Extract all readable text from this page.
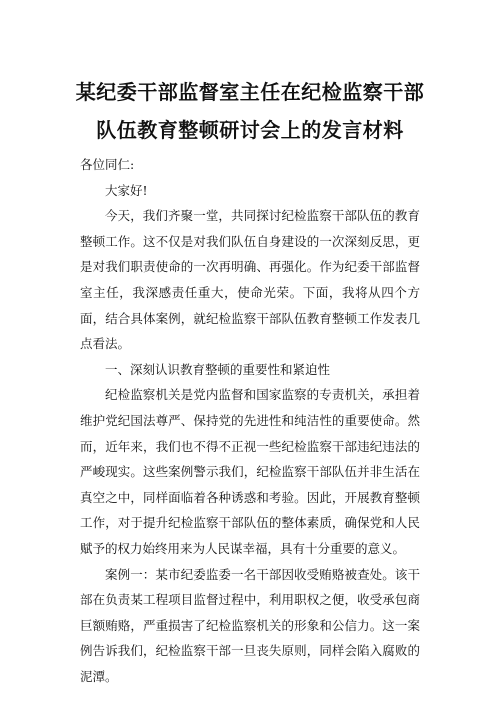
某纪委干部监督室主任在纪检监察干部
队伍教育整顿研讨会上的发言材料

各位同仁:

大家好!

今天，我们齐聚一堂，共同探讨纪检监察干部队伍的教育整顿工作。这不仅是对我们队伍自身建设的一次深刻反思，更是对我们职责使命的一次再明确、再强化。作为纪委干部监督室主任，我深感责任重大，使命光荣。下面，我将从四个方面，结合具体案例，就纪检监察干部队伍教育整顿工作发表几点看法。

一、深刻认识教育整顿的重要性和紧迫性

纪检监察机关是党内监督和国家监察的专责机关，承担着维护党纪国法尊严、保持党的先进性和纯洁性的重要使命。然而，近年来，我们也不得不正视一些纪检监察干部违纪违法的严峻现实。这些案例警示我们，纪检监察干部队伍并非生活在真空之中，同样面临着各种诱惑和考验。因此，开展教育整顿工作，对于提升纪检监察干部队伍的整体素质，确保党和人民赋予的权力始终用来为人民谋幸福，具有十分重要的意义。

案例一：某市纪委监委一名干部因收受贿赂被查处。该干部在负责某工程项目监督过程中，利用职权之便，收受承包商巨额贿赂，严重损害了纪检监察机关的形象和公信力。这一案例告诉我们，纪检监察干部一旦丧失原则，同样会陷入腐败的泥潭。
